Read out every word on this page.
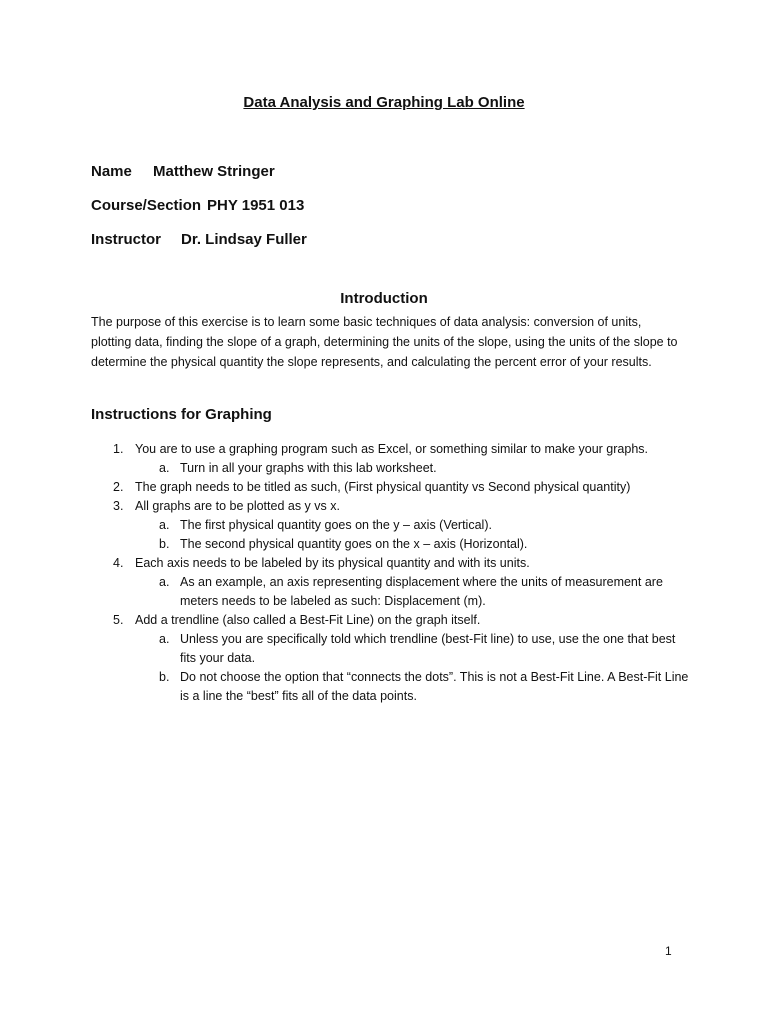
Data Analysis and Graphing Lab Online
Name Matthew Stringer
Course/Section PHY 1951 013
Instructor Dr. Lindsay Fuller
Introduction
The purpose of this exercise is to learn some basic techniques of data analysis: conversion of units, plotting data, finding the slope of a graph, determining the units of the slope, using the units of the slope to determine the physical quantity the slope represents, and calculating the percent error of your results.
Instructions for Graphing
1. You are to use a graphing program such as Excel, or something similar to make your graphs.
a. Turn in all your graphs with this lab worksheet.
2. The graph needs to be titled as such, (First physical quantity vs Second physical quantity)
3. All graphs are to be plotted as y vs x.
a. The first physical quantity goes on the y – axis (Vertical).
b. The second physical quantity goes on the x – axis (Horizontal).
4. Each axis needs to be labeled by its physical quantity and with its units.
a. As an example, an axis representing displacement where the units of measurement are meters needs to be labeled as such: Displacement (m).
5. Add a trendline (also called a Best-Fit Line) on the graph itself.
a. Unless you are specifically told which trendline (best-Fit line) to use, use the one that best fits your data.
b. Do not choose the option that “connects the dots”. This is not a Best-Fit Line. A Best-Fit Line is a line the “best” fits all of the data points.
1
